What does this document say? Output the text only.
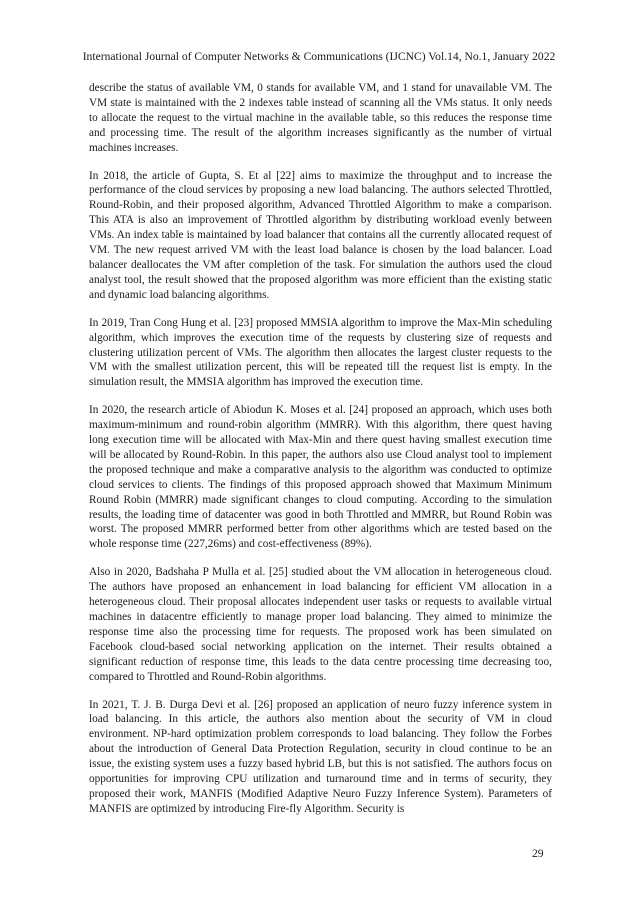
International Journal of Computer Networks & Communications (IJCNC) Vol.14, No.1, January 2022

describe the status of available VM, 0 stands for available VM, and 1 stand for unavailable VM. The VM state is maintained with the 2 indexes table instead of scanning all the VMs status. It only needs to allocate the request to the virtual machine in the available table, so this reduces the response time and processing time. The result of the algorithm increases significantly as the number of virtual machines increases.

In 2018, the article of Gupta, S. Et al [22] aims to maximize the throughput and to increase the performance of the cloud services by proposing a new load balancing. The authors selected Throttled, Round-Robin, and their proposed algorithm, Advanced Throttled Algorithm to make a comparison. This ATA is also an improvement of Throttled algorithm by distributing workload evenly between VMs. An index table is maintained by load balancer that contains all the currently allocated request of VM. The new request arrived VM with the least load balance is chosen by the load balancer. Load balancer deallocates the VM after completion of the task. For simulation the authors used the cloud analyst tool, the result showed that the proposed algorithm was more efficient than the existing static and dynamic load balancing algorithms.

In 2019, Tran Cong Hung et al. [23] proposed MMSIA algorithm to improve the Max-Min scheduling algorithm, which improves the execution time of the requests by clustering size of requests and clustering utilization percent of VMs. The algorithm then allocates the largest cluster requests to the VM with the smallest utilization percent, this will be repeated till the request list is empty. In the simulation result, the MMSIA algorithm has improved the execution time.

In 2020, the research article of Abiodun K. Moses et al. [24] proposed an approach, which uses both maximum-minimum and round-robin algorithm (MMRR). With this algorithm, there quest having long execution time will be allocated with Max-Min and there quest having smallest execution time will be allocated by Round-Robin. In this paper, the authors also use Cloud analyst tool to implement the proposed technique and make a comparative analysis to the algorithm was conducted to optimize cloud services to clients. The findings of this proposed approach showed that Maximum Minimum Round Robin (MMRR) made significant changes to cloud computing. According to the simulation results, the loading time of datacenter was good in both Throttled and MMRR, but Round Robin was worst. The proposed MMRR performed better from other algorithms which are tested based on the whole response time (227,26ms) and cost-effectiveness (89%).

Also in 2020, Badshaha P Mulla et al. [25] studied about the VM allocation in heterogeneous cloud. The authors have proposed an enhancement in load balancing for efficient VM allocation in a heterogeneous cloud. Their proposal allocates independent user tasks or requests to available virtual machines in datacentre efficiently to manage proper load balancing. They aimed to minimize the response time also the processing time for requests. The proposed work has been simulated on Facebook cloud-based social networking application on the internet. Their results obtained a significant reduction of response time, this leads to the data centre processing time decreasing too, compared to Throttled and Round-Robin algorithms.

In 2021, T. J. B. Durga Devi et al. [26] proposed an application of neuro fuzzy inference system in load balancing. In this article, the authors also mention about the security of VM in cloud environment. NP-hard optimization problem corresponds to load balancing. They follow the Forbes about the introduction of General Data Protection Regulation, security in cloud continue to be an issue, the existing system uses a fuzzy based hybrid LB, but this is not satisfied. The authors focus on opportunities for improving CPU utilization and turnaround time and in terms of security, they proposed their work, MANFIS (Modified Adaptive Neuro Fuzzy Inference System). Parameters of MANFIS are optimized by introducing Fire-fly Algorithm. Security is

29
